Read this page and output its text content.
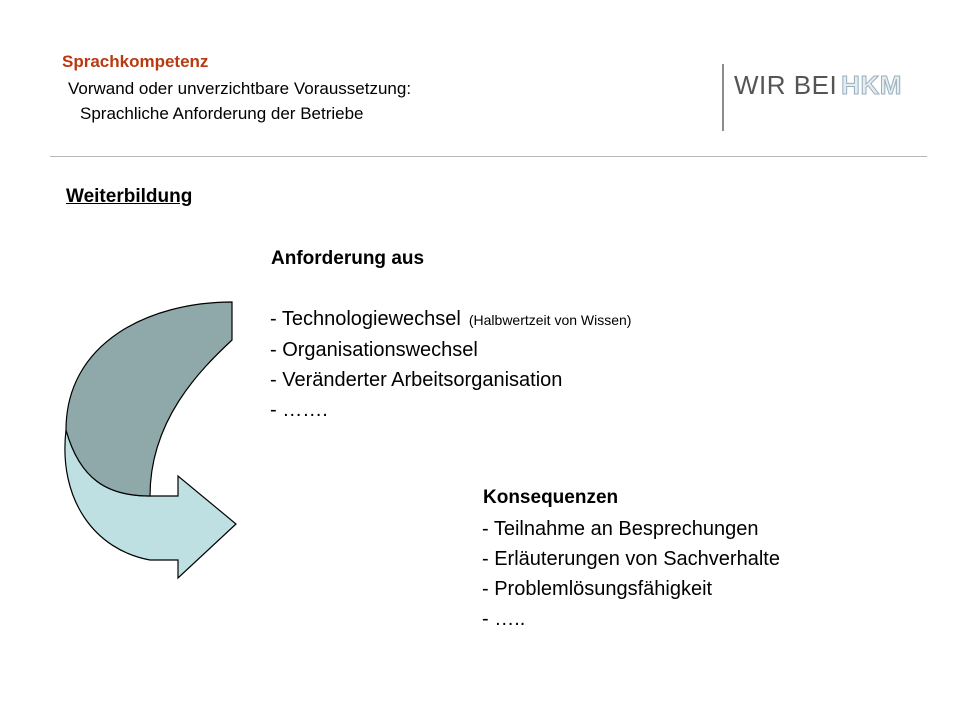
Sprachkompetenz
Vorwand oder unverzichtbare Voraussetzung:
Sprachliche Anforderung der Betriebe
WIR BEI HKM
Weiterbildung
Anforderung aus
- Technologiewechsel (Halbwertzeit von Wissen)
- Organisationswechsel
- Veränderter Arbeitsorganisation
- …….
Konsequenzen
- Teilnahme an Besprechungen
- Erläuterungen von Sachverhalte
- Problemlösungsfähigkeit
- …..
